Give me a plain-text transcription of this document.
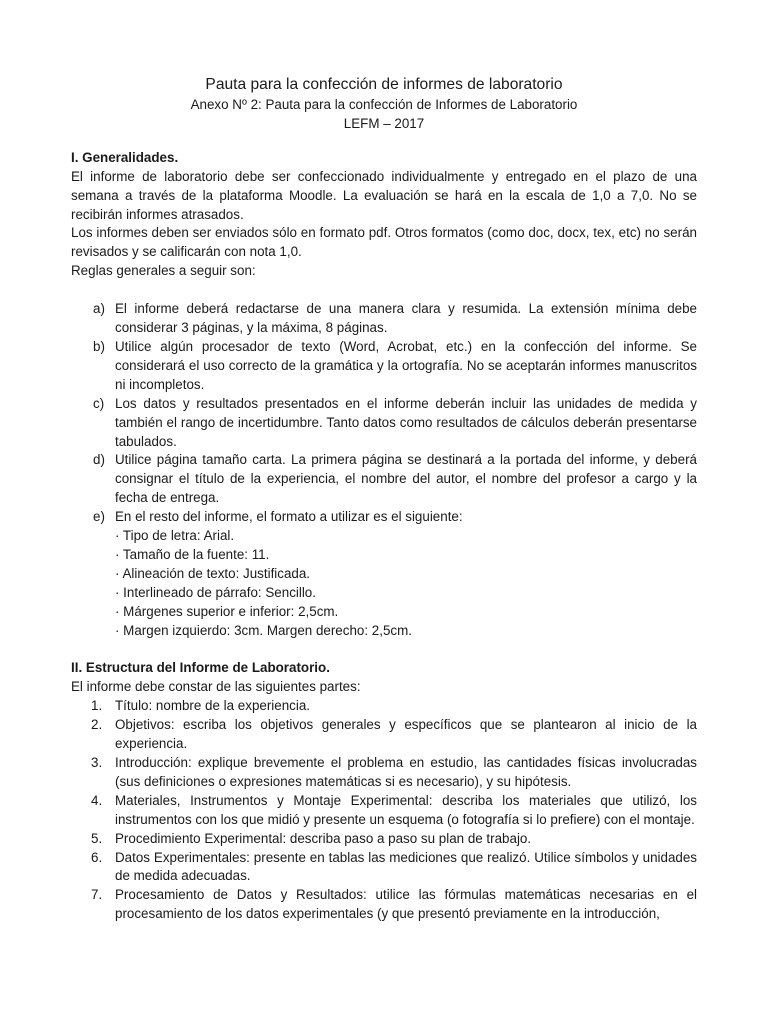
Pauta para la confección de informes de laboratorio
Anexo Nº 2: Pauta para la confección de Informes de Laboratorio
LEFM – 2017
I. Generalidades.

El informe de laboratorio debe ser confeccionado individualmente y entregado en el plazo de una semana a través de la plataforma Moodle. La evaluación se hará en la escala de 1,0 a 7,0. No se recibirán informes atrasados.

Los informes deben ser enviados sólo en formato pdf. Otros formatos (como doc, docx, tex, etc) no serán revisados y se calificarán con nota 1,0.

Reglas generales a seguir son:

a) El informe deberá redactarse de una manera clara y resumida. La extensión mínima debe considerar 3 páginas, y la máxima, 8 páginas.
b) Utilice algún procesador de texto (Word, Acrobat, etc.) en la confección del informe. Se considerará el uso correcto de la gramática y la ortografía. No se aceptarán informes manuscritos ni incompletos.
c) Los datos y resultados presentados en el informe deberán incluir las unidades de medida y también el rango de incertidumbre. Tanto datos como resultados de cálculos deberán presentarse tabulados.
d) Utilice página tamaño carta. La primera página se destinará a la portada del informe, y deberá consignar el título de la experiencia, el nombre del autor, el nombre del profesor a cargo y la fecha de entrega.
e) En el resto del informe, el formato a utilizar es el siguiente:
· Tipo de letra: Arial.
· Tamaño de la fuente: 11.
· Alineación de texto: Justificada.
· Interlineado de párrafo: Sencillo.
· Márgenes superior e inferior: 2,5cm.
· Margen izquierdo: 3cm. Margen derecho: 2,5cm.
II. Estructura del Informe de Laboratorio.

El informe debe constar de las siguientes partes:

1. Título: nombre de la experiencia.
2. Objetivos: escriba los objetivos generales y específicos que se plantearon al inicio de la experiencia.
3. Introducción: explique brevemente el problema en estudio, las cantidades físicas involucradas (sus definiciones o expresiones matemáticas si es necesario), y su hipótesis.
4. Materiales, Instrumentos y Montaje Experimental: describa los materiales que utilizó, los instrumentos con los que midió y presente un esquema (o fotografía si lo prefiere) con el montaje.
5. Procedimiento Experimental: describa paso a paso su plan de trabajo.
6. Datos Experimentales: presente en tablas las mediciones que realizó. Utilice símbolos y unidades de medida adecuadas.
7. Procesamiento de Datos y Resultados: utilice las fórmulas matemáticas necesarias en el procesamiento de los datos experimentales (y que presentó previamente en la introducción,
